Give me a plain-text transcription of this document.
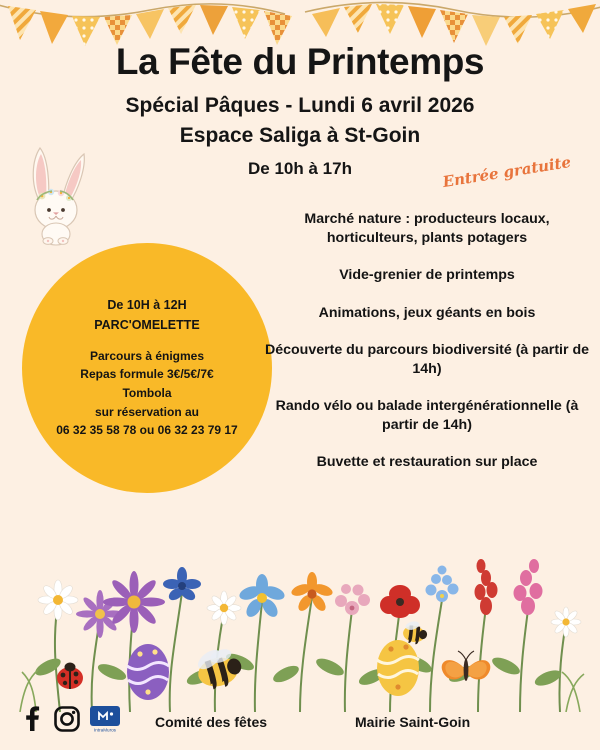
La Fête du Printemps

Spécial Pâques - Lundi 6 avril 2026

Espace Saliga à St-Goin

De 10h à 17h	Entrée gratuite
De 10H à 12H
PARC'OMELETTE
Parcours à énigmes
Repas formule 3€/5€/7€
Tombola
sur réservation au
06 32 35 58 78 ou 06 32 23 79 17
Marché nature : producteurs locaux, horticulteurs, plants potagers
Vide-grenier de printemps
Animations, jeux géants en bois
Découverte du parcours biodiversité (à partir de 14h)
Rando vélo ou balade intergénérationnelle (à partir de 14h)
Buvette et restauration sur place
IntraMuros	Comité des fêtes	Mairie Saint-Goin
